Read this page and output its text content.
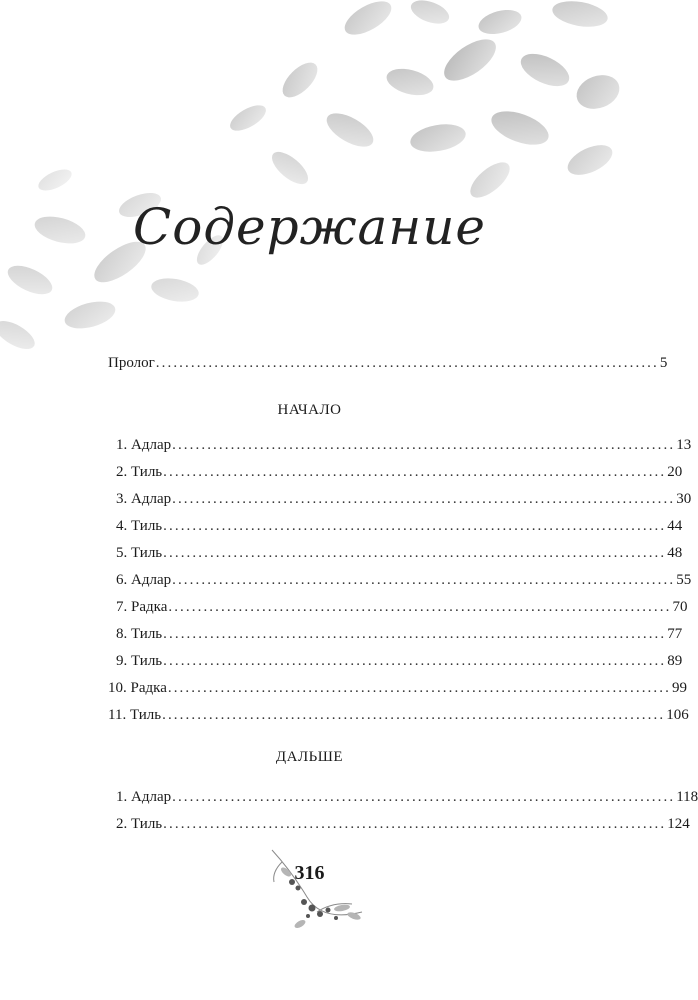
Содержание
Пролог ...................................................................................... 5
НАЧАЛО
1. Адлар ...................................................................................... 13
2. Тиль ...................................................................................... 20
3. Адлар ...................................................................................... 30
4. Тиль ...................................................................................... 44
5. Тиль ...................................................................................... 48
6. Адлар ...................................................................................... 55
7. Радка ...................................................................................... 70
8. Тиль ...................................................................................... 77
9. Тиль ...................................................................................... 89
10. Радка ...................................................................................... 99
11. Тиль ...................................................................................... 106
ДАЛЬШЕ
1. Адлар ...................................................................................... 118
2. Тиль ...................................................................................... 124
316
